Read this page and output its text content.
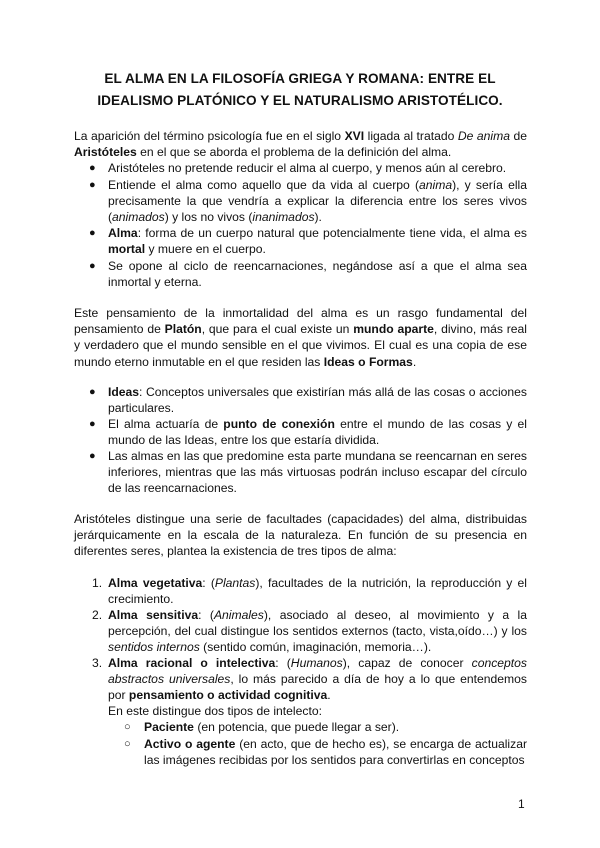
EL ALMA EN LA FILOSOFÍA GRIEGA Y ROMANA: ENTRE EL
IDEALISMO PLATÓNICO Y EL NATURALISMO ARISTOTÉLICO.
La aparición del término psicología fue en el siglo XVI ligada al tratado De anima de Aristóteles en el que se aborda el problema de la definición del alma.
● Aristóteles no pretende reducir el alma al cuerpo, y menos aún al cerebro.
● Entiende el alma como aquello que da vida al cuerpo (anima), y sería ella precisamente la que vendría a explicar la diferencia entre los seres vivos (animados) y los no vivos (inanimados).
● Alma: forma de un cuerpo natural que potencialmente tiene vida, el alma es mortal y muere en el cuerpo.
● Se opone al ciclo de reencarnaciones, negándose así a que el alma sea inmortal y eterna.
Este pensamiento de la inmortalidad del alma es un rasgo fundamental del pensamiento de Platón, que para el cual existe un mundo aparte, divino, más real y verdadero que el mundo sensible en el que vivimos. El cual es una copia de ese mundo eterno inmutable en el que residen las Ideas o Formas.
● Ideas: Conceptos universales que existirían más allá de las cosas o acciones particulares.
● El alma actuaría de punto de conexión entre el mundo de las cosas y el mundo de las Ideas, entre los que estaría dividida.
● Las almas en las que predomine esta parte mundana se reencarnan en seres inferiores, mientras que las más virtuosas podrán incluso escapar del círculo de las reencarnaciones.
Aristóteles distingue una serie de facultades (capacidades) del alma, distribuidas jerárquicamente en la escala de la naturaleza. En función de su presencia en diferentes seres, plantea la existencia de tres tipos de alma:
1. Alma vegetativa: (Plantas), facultades de la nutrición, la reproducción y el crecimiento.
2. Alma sensitiva: (Animales), asociado al deseo, al movimiento y a la percepción, del cual distingue los sentidos externos (tacto, vista,oído…) y los sentidos internos (sentido común, imaginación, memoria…).
3. Alma racional o intelectiva: (Humanos), capaz de conocer conceptos abstractos universales, lo más parecido a día de hoy a lo que entendemos por pensamiento o actividad cognitiva.
En este distingue dos tipos de intelecto:
○ Paciente (en potencia, que puede llegar a ser).
○ Activo o agente (en acto, que de hecho es), se encarga de actualizar las imágenes recibidas por los sentidos para convertirlas en conceptos
1
